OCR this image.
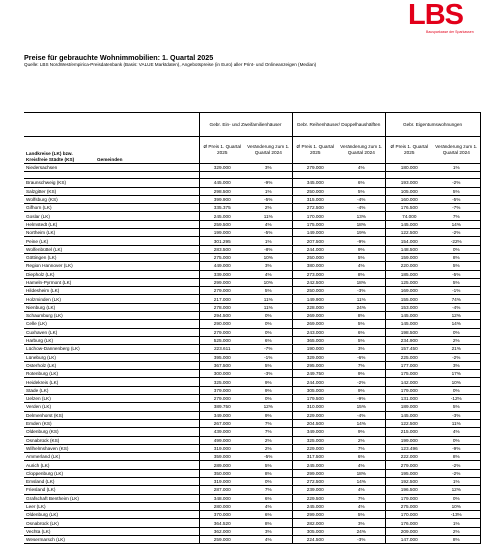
LBS
Bausparkasse der Sparkassen
Preise für gebrauchte Wohnimmobilien: 1. Quartal 2025
Quelle: LBS NordWest/empirica-Preisdatenbank (Basis: VALUE Marktdaten), Angebotspreise (in Euro) aller Print- und Onlineanzeigen (Median)
		Gebr. Ein- und Zweifamilienhäuser		Gebr. Reihenhäuser/ Doppelhaushälften		Gebr. Eigentumswohnungen	
Landkreise (LK) bzw. Kreisfreie Städte (KS)	Gemeinden	Ø Preis 1. Quartal 2025	Veränderung zum 1. Quartal 2024	Ø Preis 1. Quartal 2025	Veränderung zum 1. Quartal 2024	Ø Preis 1. Quartal 2025	Veränderung zum 1. Quartal 2024
Niedersachsen		329.000	3%	279.000	4%	180.000	1%

Braunschweig (KS)		445.000	-9%	345.000	6%	193.000	-2%
Salzgitter (KS)		298.500	1%	250.000	5%	105.000	5%
Wolfsburg (KS)		399.900	-5%	315.000	-4%	160.000	-5%
Gifhorn (LK)		335.375	2%	272.500	-4%	176.500	-7%
Goslar (LK)		245.000	11%	170.000	13%	74.000	7%
Helmstedt (LK)		259.500	4%	175.000	18%	145.000	14%
Northeim (LK)		199.000	-5%	149.000	19%	122.500	-2%
Peine (LK)		301.295	1%	207.500	-9%	154.000	-22%
Wolfenbüttel (LK)		283.500	-8%	244.000	9%	148.500	0%
Göttingen (LK)		275.000	10%	250.000	5%	159.000	8%
Region Hannover (LK)		449.000	3%	380.000	4%	220.000	5%
Diepholz (LK)		339.000	4%	273.000	8%	185.000	-5%
Hameln-Pyrmont (LK)		299.000	10%	242.500	18%	125.000	5%
Hildesheim (LK)		279.000	5%	250.000	-3%	169.000	-1%
Holzminden (LK)		217.000	11%	149.900	11%	155.000	74%
Nienburg (LK)		278.000	11%	228.000	24%	153.000	-4%
Schaumburg (LK)		294.500	0%	269.000	8%	145.000	12%
Celle (LK)		290.000	0%	269.000	5%	145.000	14%
Cuxhaven (LK)		279.000	0%	243.000	6%	198.500	0%
Harburg (LK)		525.000	6%	365.000	5%	234.900	2%
Lüchow-Dannenberg (LK)		223.611	-7%	190.000	3%	157.450	21%
Lüneburg (LK)		395.000	-1%	329.000	-6%	225.000	-2%
Osterholz (LK)		367.500	5%	295.000	7%	177.000	3%
Rotenburg (LK)		300.000	-3%	249.750	9%	175.000	17%
Heidekreis (LK)		325.000	9%	244.000	-2%	142.000	10%
Stade (LK)		379.000	9%	305.000	9%	179.000	0%
Uelzen (LK)		279.000	0%	179.500	-9%	131.000	-12%
Verden (LK)		389.750	12%	310.000	15%	189.000	5%
Delmenhorst (KS)		349.000	9%	229.000	-4%	145.000	-3%
Emden (KS)		267.000	7%	204.500	14%	122.500	11%
Oldenburg (KS)		439.000	7%	349.000	9%	215.000	4%
Osnabrück (KS)		499.000	2%	325.000	2%	199.000	0%
Wilhelmshaven (KS)		319.000	2%	229.000	7%	123.496	-9%
Ammerland (LK)		359.000	-5%	317.500	6%	222.000	8%
Aurich (LK)		289.000	5%	245.000	4%	279.000	-2%
Cloppenburg (LK)		350.000	8%	299.000	18%	195.000	-2%
Emsland (LK)		319.000	0%	272.500	14%	192.500	1%
Friesland (LK)		287.000	7%	239.000	4%	196.500	12%
Grafschaft Bentheim (LK)		348.000	6%	229.500	7%	179.000	0%
Leer (LK)		280.000	4%	245.000	4%	275.000	10%
Oldenburg (LK)		370.000	6%	299.000	5%	170.000	-13%
Osnabrück (LK)		364.520	8%	282.000	3%	176.000	1%
Vechta (LK)		362.000	3%	305.000	24%	209.000	2%
Wesermarsch (LK)		259.000	4%	224.500	-3%	147.000	8%
